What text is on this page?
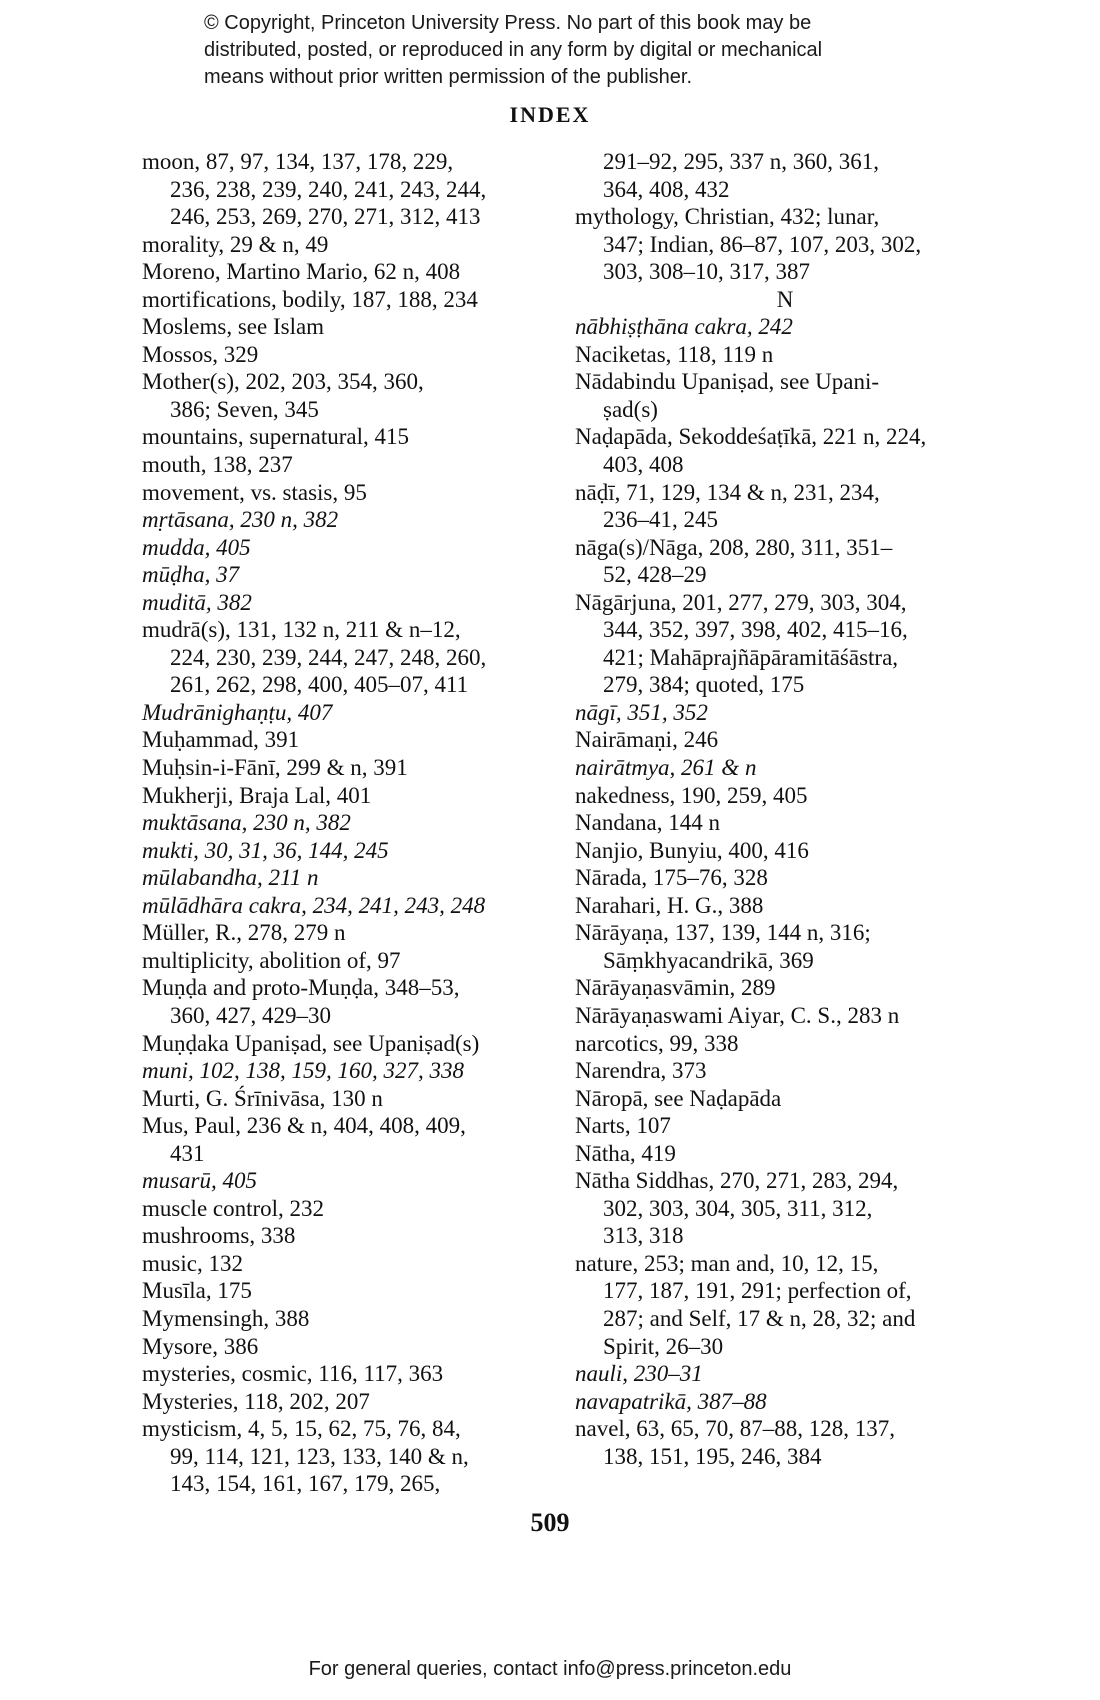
© Copyright, Princeton University Press. No part of this book may be
distributed, posted, or reproduced in any form by digital or mechanical
means without prior written permission of the publisher.
INDEX
moon, 87, 97, 134, 137, 178, 229,
236, 238, 239, 240, 241, 243, 244,
246, 253, 269, 270, 271, 312, 413
morality, 29 & n, 49
Moreno, Martino Mario, 62 n, 408
mortifications, bodily, 187, 188, 234
Moslems, see Islam
Mossos, 329
Mother(s), 202, 203, 354, 360,
386; Seven, 345
mountains, supernatural, 415
mouth, 138, 237
movement, vs. stasis, 95
mṛtāsana, 230 n, 382
mudda, 405
mūḍha, 37
muditā, 382
mudrā(s), 131, 132 n, 211 & n–12,
224, 230, 239, 244, 247, 248, 260,
261, 262, 298, 400, 405–07, 411
Mudrānighaṇṭu, 407
Muḥammad, 391
Muḥsin-i-Fānī, 299 & n, 391
Mukherji, Braja Lal, 401
muktāsana, 230 n, 382
mukti, 30, 31, 36, 144, 245
mūlabandha, 211 n
mūlādhāra cakra, 234, 241, 243, 248
Müller, R., 278, 279 n
multiplicity, abolition of, 97
Muṇḍa and proto-Muṇḍa, 348–53,
360, 427, 429–30
Muṇḍaka Upaniṣad, see Upaniṣad(s)
muni, 102, 138, 159, 160, 327, 338
Murti, G. Śrīnivāsa, 130 n
Mus, Paul, 236 & n, 404, 408, 409,
431
musarū, 405
muscle control, 232
mushrooms, 338
music, 132
Musīla, 175
Mymensingh, 388
Mysore, 386
mysteries, cosmic, 116, 117, 363
Mysteries, 118, 202, 207
mysticism, 4, 5, 15, 62, 75, 76, 84,
99, 114, 121, 123, 133, 140 & n,
143, 154, 161, 167, 179, 265,
291–92, 295, 337 n, 360, 361,
364, 408, 432
mythology, Christian, 432; lunar,
347; Indian, 86–87, 107, 203, 302,
303, 308–10, 317, 387
N
nābhiṣṭhāna cakra, 242
Naciketas, 118, 119 n
Nādabindu Upaniṣad, see Upani-
ṣad(s)
Naḍapāda, Sekoddeśaṭīkā, 221 n, 224,
403, 408
nāḍī, 71, 129, 134 & n, 231, 234,
236–41, 245
nāga(s)/Nāga, 208, 280, 311, 351–
52, 428–29
Nāgārjuna, 201, 277, 279, 303, 304,
344, 352, 397, 398, 402, 415–16,
421; Mahāprajñāpāramitāśāstra,
279, 384; quoted, 175
nāgī, 351, 352
Nairāmaṇi, 246
nairātmya, 261 & n
nakedness, 190, 259, 405
Nandana, 144 n
Nanjio, Bunyiu, 400, 416
Nārada, 175–76, 328
Narahari, H. G., 388
Nārāyaṇa, 137, 139, 144 n, 316;
Sāṃkhyacandrikā, 369
Nārāyaṇasvāmin, 289
Nārāyaṇaswami Aiyar, C. S., 283 n
narcotics, 99, 338
Narendra, 373
Nāropā, see Naḍapāda
Narts, 107
Nātha, 419
Nātha Siddhas, 270, 271, 283, 294,
302, 303, 304, 305, 311, 312,
313, 318
nature, 253; man and, 10, 12, 15,
177, 187, 191, 291; perfection of,
287; and Self, 17 & n, 28, 32; and
Spirit, 26–30
nauli, 230–31
navapatrikā, 387–88
navel, 63, 65, 70, 87–88, 128, 137,
138, 151, 195, 246, 384
509
For general queries, contact info@press.princeton.edu
